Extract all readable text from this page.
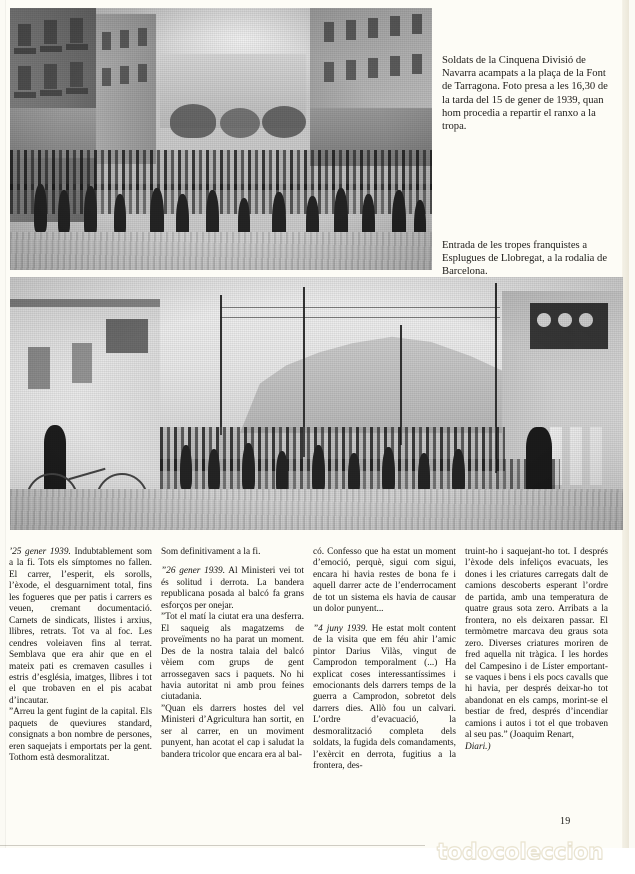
Soldats de la Cinquena Divisió de Navarra acampats a la plaça de la Font de Tarragona. Foto presa a les 16,30 de la tarda del 15 de gener de 1939, quan hom procedia a repartir el ranxo a la tropa.
Entrada de les tropes franquistes a Esplugues de Llobregat, a la rodalia de Barcelona.

’25 gener 1939. Indubtablement som a la fi. Tots els símptomes no fallen. El carrer, l’esperit, els sorolls, l’èxode, el desguarniment total, fins les fogueres que per patis i carrers es veuen, cremant documentació. Carnets de sindicats, llistes i arxius, llibres, retrats. Tot va al foc. Les cendres voleiaven fins al terrat. Semblava que era ahir que en el mateix pati es cremaven casulles i estris d’església, imatges, llibres i tot el que trobaven en el pis acabat d’incautar.

”Arreu la gent fugint de la capital. Els paquets de queviures standard, consignats a bon nombre de persones, eren saquejats i emportats per la gent. Tothom està desmoralitzat.

Som definitivament a la fi.

”26 gener 1939. Al Ministeri vei tot és solitud i derrota. La bandera republicana posada al balcó fa grans esforços per onejar.

”Tot el matí la ciutat era una desferra. El saqueig als magatzems de proveïments no ha parat un moment. Des de la nostra talaia del balcó vèiem com grups de gent arrossegaven sacs i paquets. No hi havia autoritat ni amb prou feines ciutadania.

”Quan els darrers hostes del vel Ministeri d’Agricultura han sortit, en ser al carrer, en un moviment punyent, han acotat el cap i saludat la bandera tricolor que encara era al bal-

có. Confesso que ha estat un moment d’emoció, perquè, sigui com sigui, encara hi havia restes de bona fe i aquell darrer acte de l’enderrocament de tot un sistema els havia de causar un dolor punyent...

”4 juny 1939. He estat molt content de la visita que em féu ahir l’amic pintor Darius Vilàs, vingut de Camprodon temporalment (...) Ha explicat coses interessantíssimes i emocionants dels darrers temps de la guerra a Camprodon, sobretot dels darrers dies. Allò fou un calvari. L’ordre d’evacuació, la desmoralització completa dels soldats, la fugida dels comandaments, l’exèrcit en derrota, fugitius a la frontera, des-

truint-ho i saquejant-ho tot. I després l’èxode dels infeliços evacuats, les dones i les criatures carregats dalt de camions descoberts esperant l’ordre de partida, amb una temperatura de quatre graus sota zero. Arribats a la frontera, no els deixaren passar. El termòmetre marcava deu graus sota zero. Diverses criatures moriren de fred aquella nit tràgica. I les hordes del Campesino i de Líster emportant-se vaques i bens i els pocs cavalls que hi havia, per després deixar-ho tot abandonat en els camps, morint-se el bestiar de fred, després d’incendiar camions i autos i tot el que trobaven al seu pas.” (Joaquim Renart,

Diari.)

19
todocoleccion
